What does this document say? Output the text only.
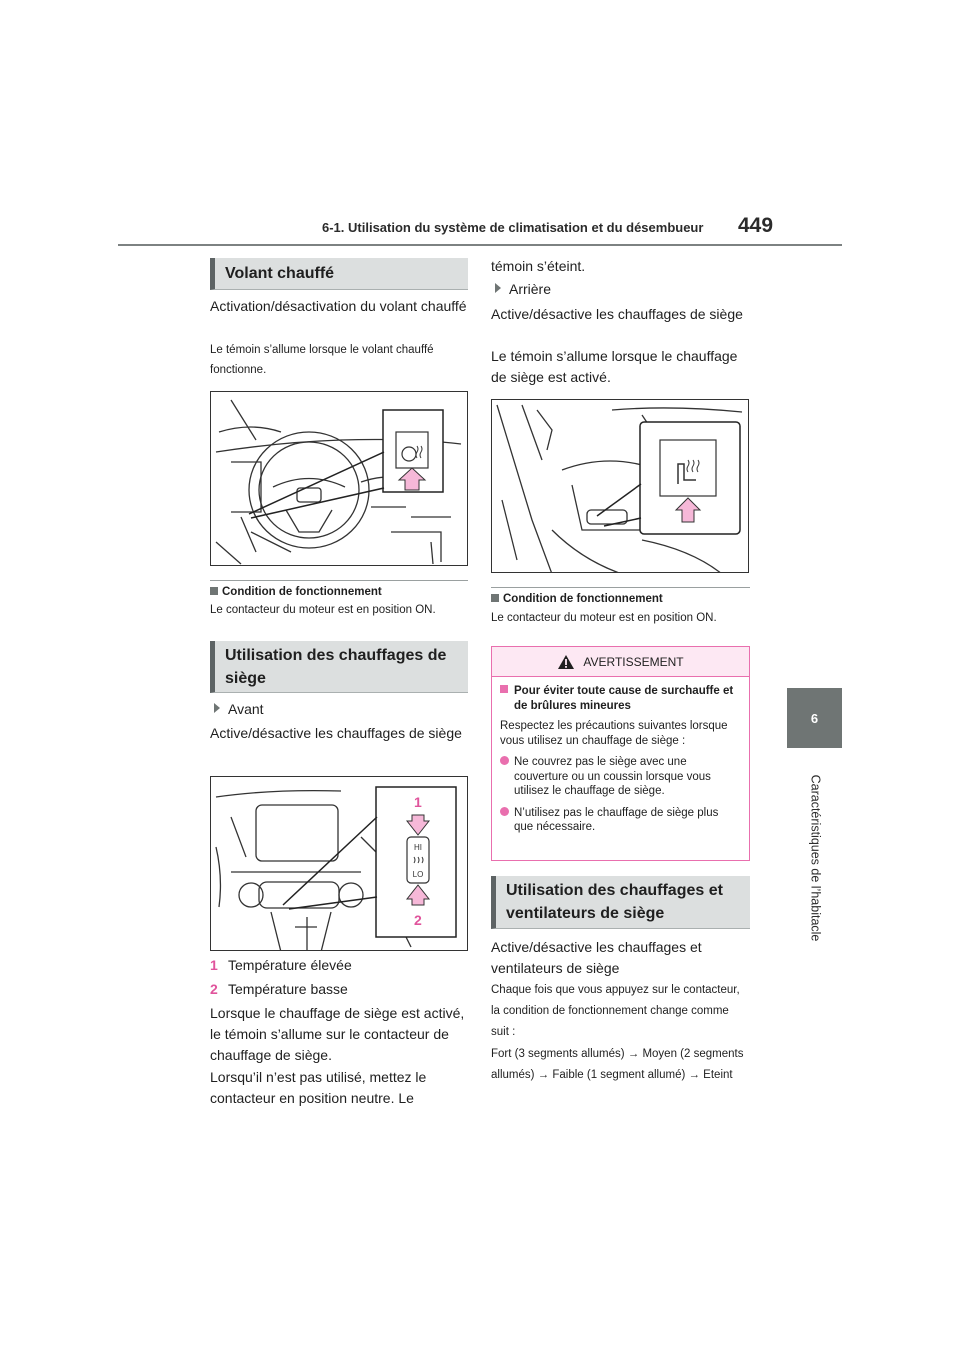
6-1. Utilisation du système de climatisation et du désembueur 449
6
Caractéristiques de l’habitacle
Volant chauffé
Activation/désactivation du volant chauffé
Le témoin s’allume lorsque le volant chauffé fonctionne.
Condition de fonctionnement
Le contacteur du moteur est en position ON.
Utilisation des chauffages de siège
Avant
Active/désactive les chauffages de siège
1
2
HI
LO
1 Température élevée
2 Température basse
Lorsque le chauffage de siège est activé, le témoin s’allume sur le contacteur de chauffage de siège.
Lorsqu’il n’est pas utilisé, mettez le contacteur en position neutre. Le
témoin s’éteint.
Arrière
Active/désactive les chauffages de siège
Le témoin s’allume lorsque le chauffage de siège est activé.
Condition de fonctionnement
Le contacteur du moteur est en position ON.
AVERTISSEMENT
Pour éviter toute cause de surchauffe et de brûlures mineures
Respectez les précautions suivantes lorsque vous utilisez un chauffage de siège :
Ne couvrez pas le siège avec une couverture ou un coussin lorsque vous utilisez le chauffage de siège.
N’utilisez pas le chauffage de siège plus que nécessaire.
Utilisation des chauffages et ventilateurs de siège
Active/désactive les chauffages et ventilateurs de siège
Chaque fois que vous appuyez sur le contacteur, la condition de fonctionnement change comme suit :
Fort (3 segments allumés) → Moyen (2 segments allumés) → Faible (1 segment allumé) → Eteint
